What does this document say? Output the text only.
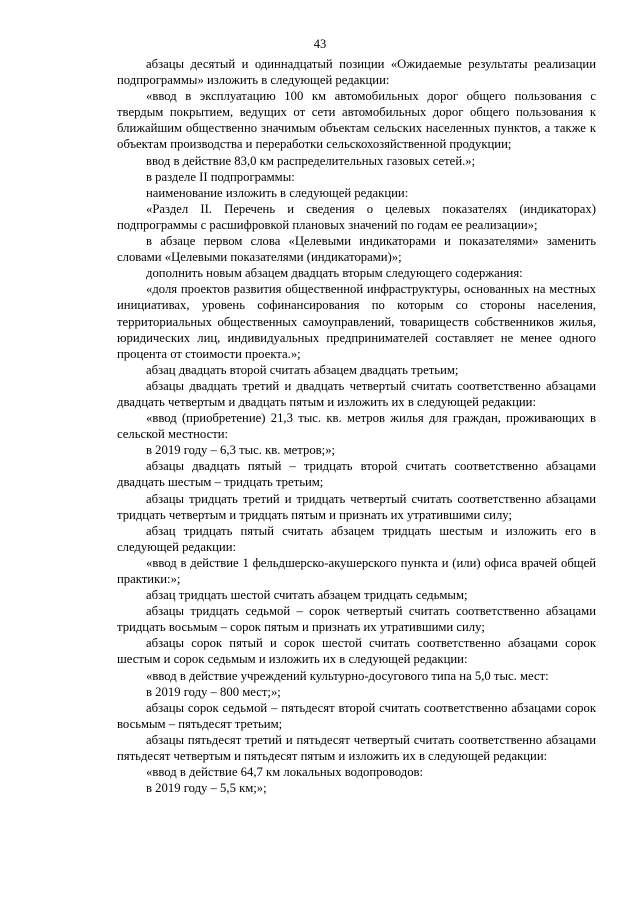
43

абзацы десятый и одиннадцатый позиции «Ожидаемые результаты реализации подпрограммы» изложить в следующей редакции:

«ввод в эксплуатацию 100 км автомобильных дорог общего пользования с твердым покрытием, ведущих от сети автомобильных дорог общего пользования к ближайшим общественно значимым объектам сельских населенных пунктов, а также к объектам производства и переработки сельскохозяйственной продукции;

ввод в действие 83,0 км распределительных газовых сетей.»;

в разделе II подпрограммы:

наименование изложить в следующей редакции:

«Раздел II. Перечень и сведения о целевых показателях (индикаторах) подпрограммы с расшифровкой плановых значений по годам ее реализации»;

в абзаце первом слова «Целевыми индикаторами и показателями» заменить словами «Целевыми показателями (индикаторами)»;

дополнить новым абзацем двадцать вторым следующего содержания:

«доля проектов развития общественной инфраструктуры, основанных на местных инициативах, уровень софинансирования по которым со стороны населения, территориальных общественных самоуправлений, товариществ собственников жилья, юридических лиц, индивидуальных предпринимателей составляет не менее одного процента от стоимости проекта.»;

абзац двадцать второй считать абзацем двадцать третьим;

абзацы двадцать третий и двадцать четвертый считать соответственно абзацами двадцать четвертым и двадцать пятым и изложить их в следующей редакции:

«ввод (приобретение) 21,3 тыс. кв. метров жилья для граждан, проживающих в сельской местности:

в 2019 году – 6,3 тыс. кв. метров;»;

абзацы двадцать пятый – тридцать второй считать соответственно абзацами двадцать шестым – тридцать третьим;

абзацы тридцать третий и тридцать четвертый считать соответственно абзацами тридцать четвертым и тридцать пятым и признать их утратившими силу;

абзац тридцать пятый считать абзацем тридцать шестым и изложить его в следующей редакции:

«ввод в действие 1 фельдшерско-акушерского пункта и (или) офиса врачей общей практики:»;

абзац тридцать шестой считать абзацем тридцать седьмым;

абзацы тридцать седьмой – сорок четвертый считать соответственно абзацами тридцать восьмым – сорок пятым и признать их утратившими силу;

абзацы сорок пятый и сорок шестой считать соответственно абзацами сорок шестым и сорок седьмым и изложить их в следующей редакции:

«ввод в действие учреждений культурно-досугового типа на 5,0 тыс. мест:

в 2019 году – 800 мест;»;

абзацы сорок седьмой – пятьдесят второй считать соответственно абзацами сорок восьмым – пятьдесят третьим;

абзацы пятьдесят третий и пятьдесят четвертый считать соответственно абзацами пятьдесят четвертым и пятьдесят пятым и изложить их в следующей редакции:

«ввод в действие 64,7 км локальных водопроводов:

в 2019 году – 5,5 км;»;
